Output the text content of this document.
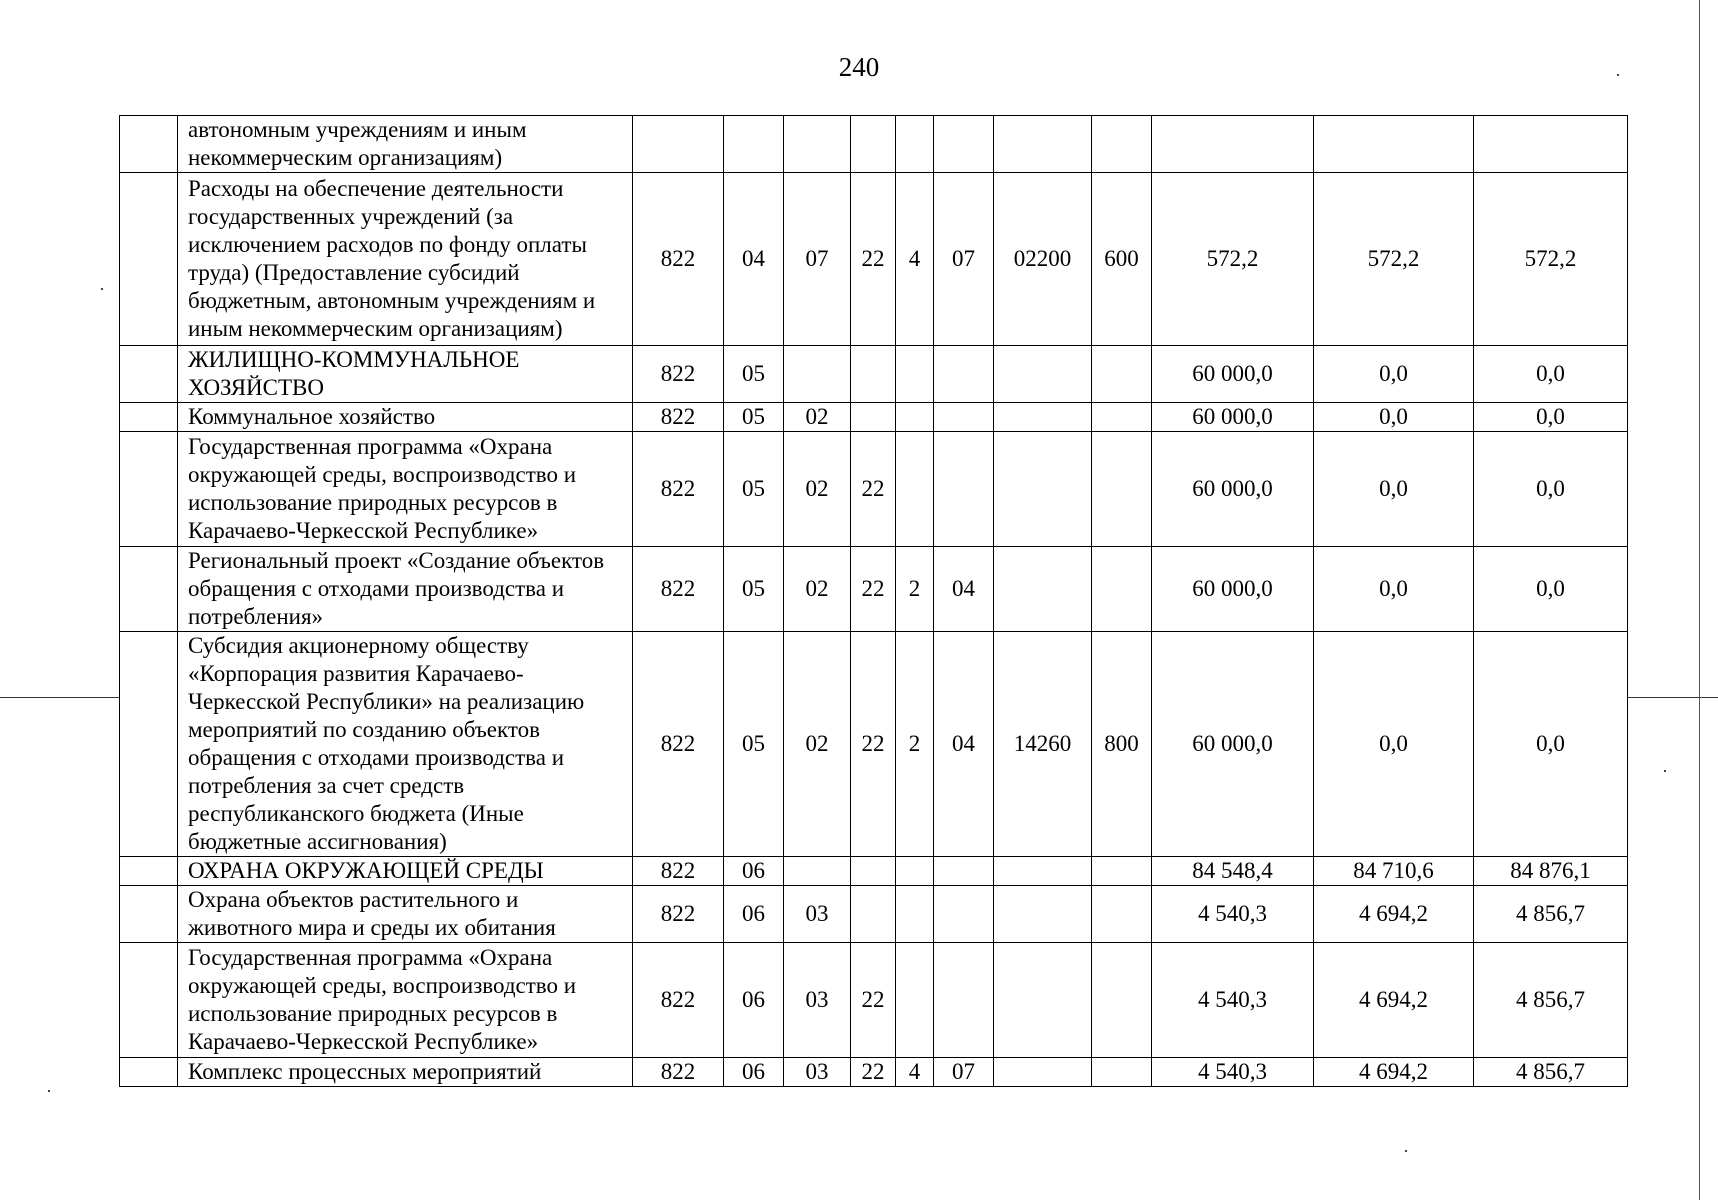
240
	автономным учреждениям и иным некоммерческим организациям)											
	Расходы на обеспечение деятельности государственных учреждений (за исключением расходов по фонду оплаты труда) (Предоставление субсидий бюджетным, автономным учреждениям и иным некоммерческим организациям)	822	04	07	22	4	07	02200	600	572,2	572,2	572,2
	ЖИЛИЩНО-КОММУНАЛЬНОЕ ХОЗЯЙСТВО	822	05							60 000,0	0,0	0,0
	Коммунальное хозяйство	822	05	02						60 000,0	0,0	0,0
	Государственная программа «Охрана окружающей среды, воспроизводство и использование природных ресурсов в Карачаево-Черкесской Республике»	822	05	02	22					60 000,0	0,0	0,0
	Региональный проект «Создание объектов обращения с отходами производства и потребления»	822	05	02	22	2	04			60 000,0	0,0	0,0
	Субсидия акционерному обществу «Корпорация развития Карачаево-Черкесской Республики» на реализацию мероприятий по созданию объектов обращения с отходами производства и потребления за счет средств республиканского бюджета (Иные бюджетные ассигнования)	822	05	02	22	2	04	14260	800	60 000,0	0,0	0,0
	ОХРАНА ОКРУЖАЮЩЕЙ СРЕДЫ	822	06							84 548,4	84 710,6	84 876,1
	Охрана объектов растительного и животного мира и среды их обитания	822	06	03						4 540,3	4 694,2	4 856,7
	Государственная программа «Охрана окружающей среды, воспроизводство и использование природных ресурсов в Карачаево-Черкесской Республике»	822	06	03	22					4 540,3	4 694,2	4 856,7
	Комплекс процессных мероприятий	822	06	03	22	4	07			4 540,3	4 694,2	4 856,7
